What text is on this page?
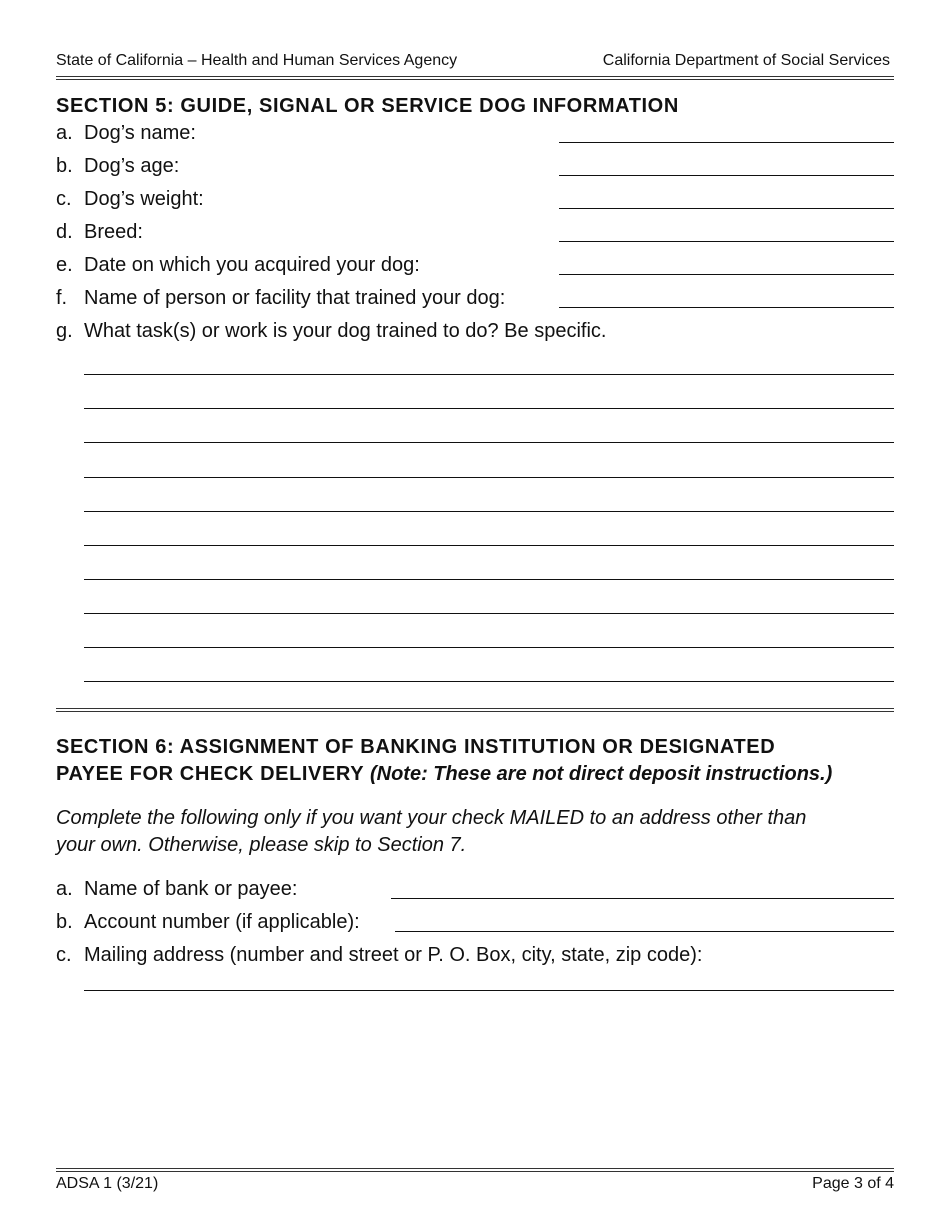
State of California – Health and Human Services Agency	California Department of Social Services
SECTION 5: GUIDE, SIGNAL OR SERVICE DOG INFORMATION
a. Dog’s name:
b. Dog’s age:
c. Dog’s weight:
d. Breed:
e. Date on which you acquired your dog:
f. Name of person or facility that trained your dog:
g. What task(s) or work is your dog trained to do? Be specific.
SECTION 6: ASSIGNMENT OF BANKING INSTITUTION OR DESIGNATED
PAYEE FOR CHECK DELIVERY (Note: These are not direct deposit instructions.)
Complete the following only if you want your check MAILED to an address other than
your own. Otherwise, please skip to Section 7.
a. Name of bank or payee:
b. Account number (if applicable):
c. Mailing address (number and street or P. O. Box, city, state, zip code):
ADSA 1 (3/21)	Page 3 of 4
